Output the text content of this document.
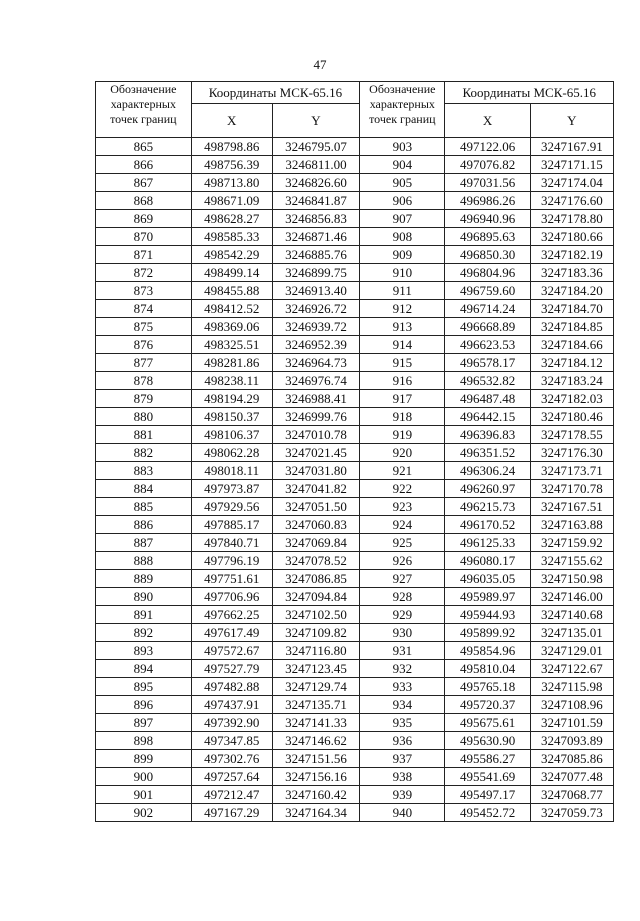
47
Обозначение
характерных
точек границ	Координаты МСК-65.16		Обозначение
характерных
точек границ	Координаты МСК-65.16	
	X	Y		X	Y
865	498798.86	3246795.07	903	497122.06	3247167.91
866	498756.39	3246811.00	904	497076.82	3247171.15
867	498713.80	3246826.60	905	497031.56	3247174.04
868	498671.09	3246841.87	906	496986.26	3247176.60
869	498628.27	3246856.83	907	496940.96	3247178.80
870	498585.33	3246871.46	908	496895.63	3247180.66
871	498542.29	3246885.76	909	496850.30	3247182.19
872	498499.14	3246899.75	910	496804.96	3247183.36
873	498455.88	3246913.40	911	496759.60	3247184.20
874	498412.52	3246926.72	912	496714.24	3247184.70
875	498369.06	3246939.72	913	496668.89	3247184.85
876	498325.51	3246952.39	914	496623.53	3247184.66
877	498281.86	3246964.73	915	496578.17	3247184.12
878	498238.11	3246976.74	916	496532.82	3247183.24
879	498194.29	3246988.41	917	496487.48	3247182.03
880	498150.37	3246999.76	918	496442.15	3247180.46
881	498106.37	3247010.78	919	496396.83	3247178.55
882	498062.28	3247021.45	920	496351.52	3247176.30
883	498018.11	3247031.80	921	496306.24	3247173.71
884	497973.87	3247041.82	922	496260.97	3247170.78
885	497929.56	3247051.50	923	496215.73	3247167.51
886	497885.17	3247060.83	924	496170.52	3247163.88
887	497840.71	3247069.84	925	496125.33	3247159.92
888	497796.19	3247078.52	926	496080.17	3247155.62
889	497751.61	3247086.85	927	496035.05	3247150.98
890	497706.96	3247094.84	928	495989.97	3247146.00
891	497662.25	3247102.50	929	495944.93	3247140.68
892	497617.49	3247109.82	930	495899.92	3247135.01
893	497572.67	3247116.80	931	495854.96	3247129.01
894	497527.79	3247123.45	932	495810.04	3247122.67
895	497482.88	3247129.74	933	495765.18	3247115.98
896	497437.91	3247135.71	934	495720.37	3247108.96
897	497392.90	3247141.33	935	495675.61	3247101.59
898	497347.85	3247146.62	936	495630.90	3247093.89
899	497302.76	3247151.56	937	495586.27	3247085.86
900	497257.64	3247156.16	938	495541.69	3247077.48
901	497212.47	3247160.42	939	495497.17	3247068.77
902	497167.29	3247164.34	940	495452.72	3247059.73
